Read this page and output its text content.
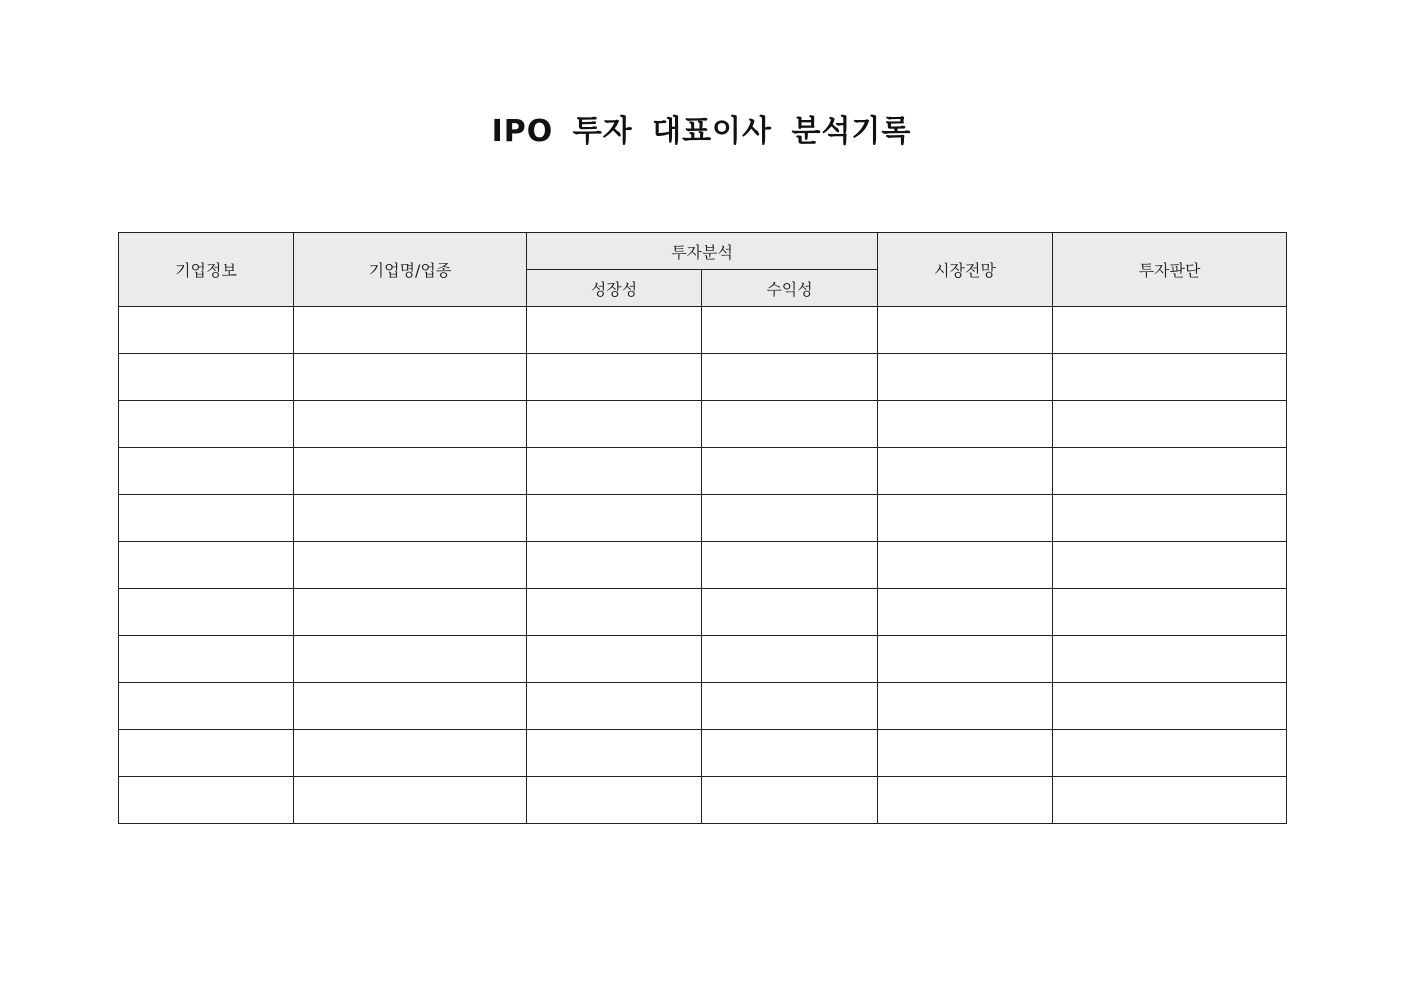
IPO 투자 대표이사 분석기록
기업정보	기업명/업종	투자분석		시장전망	투자판단
		성장성	수익성		
